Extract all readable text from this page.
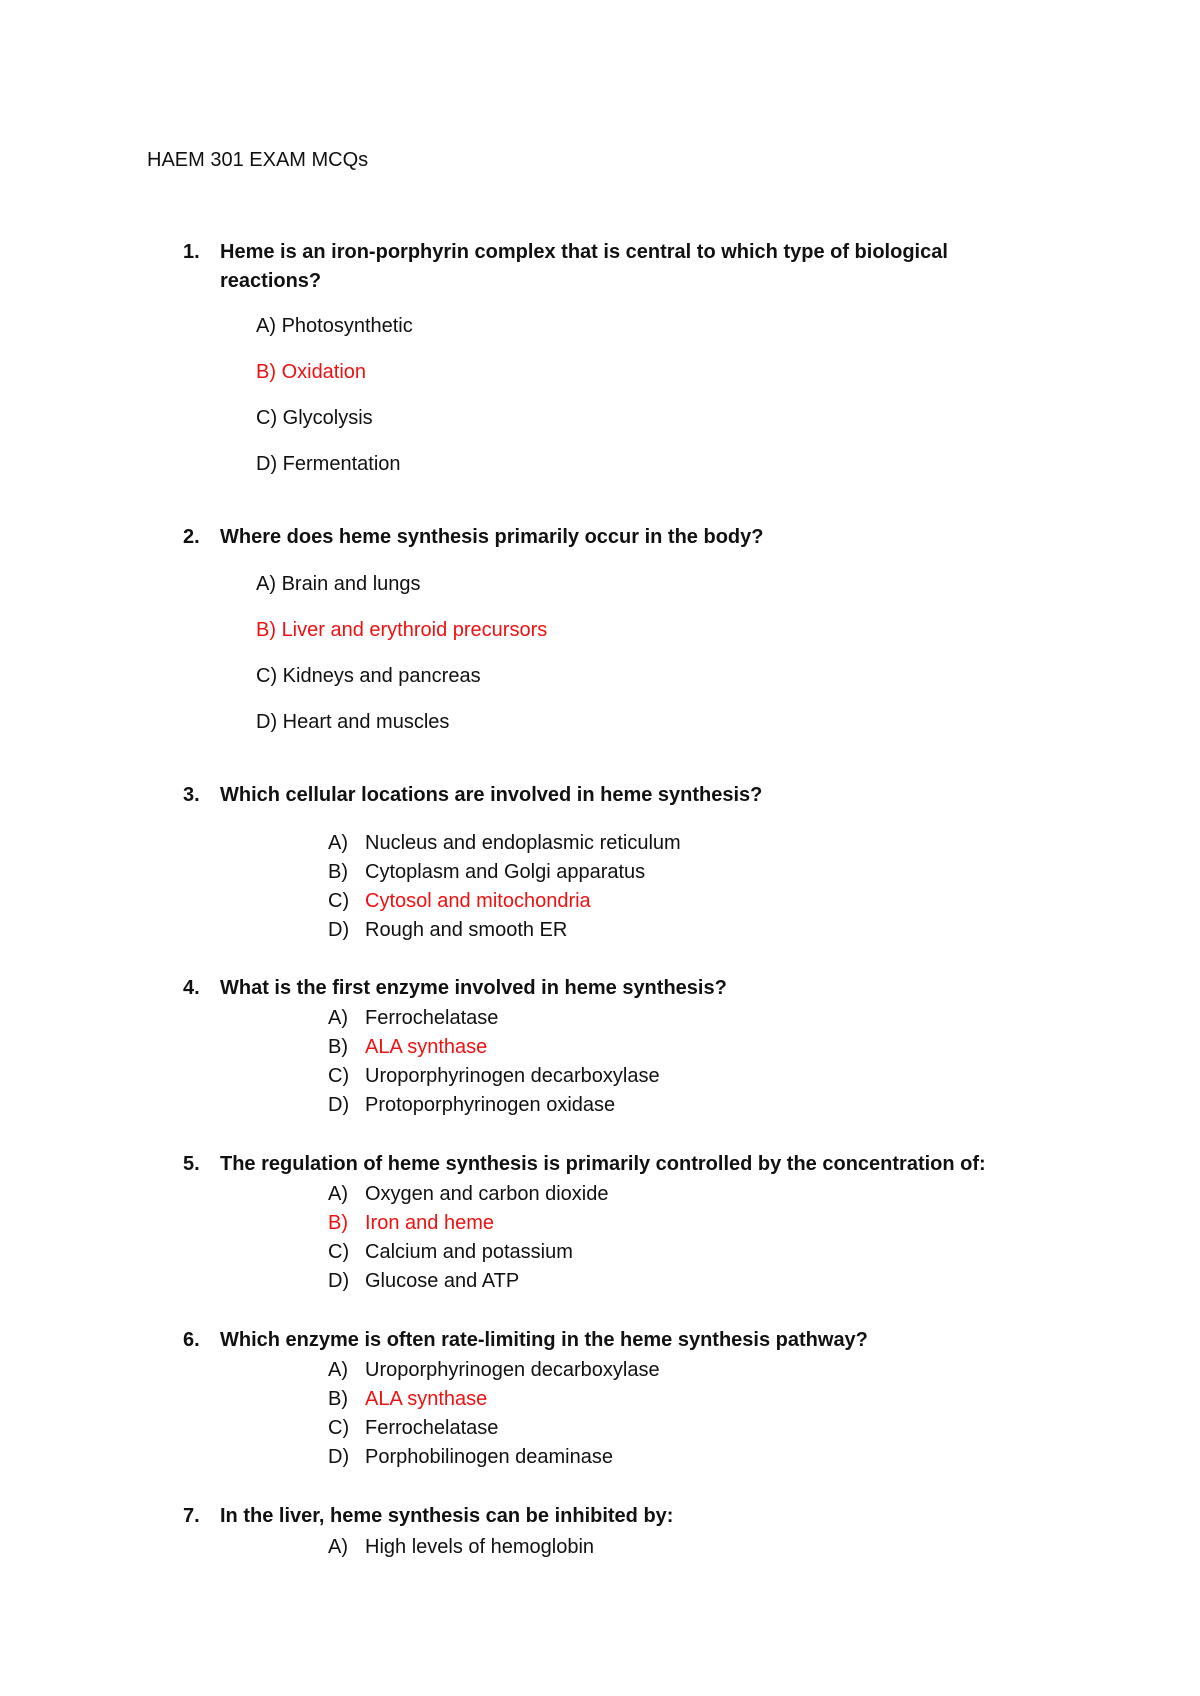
HAEM 301 EXAM MCQs
1. Heme is an iron-porphyrin complex that is central to which type of biological reactions?
A) Photosynthetic
B) Oxidation
C) Glycolysis
D) Fermentation
2. Where does heme synthesis primarily occur in the body?
A) Brain and lungs
B) Liver and erythroid precursors
C) Kidneys and pancreas
D) Heart and muscles
3. Which cellular locations are involved in heme synthesis?
A) Nucleus and endoplasmic reticulum
B) Cytoplasm and Golgi apparatus
C) Cytosol and mitochondria
D) Rough and smooth ER
4. What is the first enzyme involved in heme synthesis?
A) Ferrochelatase
B) ALA synthase
C) Uroporphyrinogen decarboxylase
D) Protoporphyrinogen oxidase
5. The regulation of heme synthesis is primarily controlled by the concentration of:
A) Oxygen and carbon dioxide
B) Iron and heme
C) Calcium and potassium
D) Glucose and ATP
6. Which enzyme is often rate-limiting in the heme synthesis pathway?
A) Uroporphyrinogen decarboxylase
B) ALA synthase
C) Ferrochelatase
D) Porphobilinogen deaminase
7. In the liver, heme synthesis can be inhibited by:
A) High levels of hemoglobin
